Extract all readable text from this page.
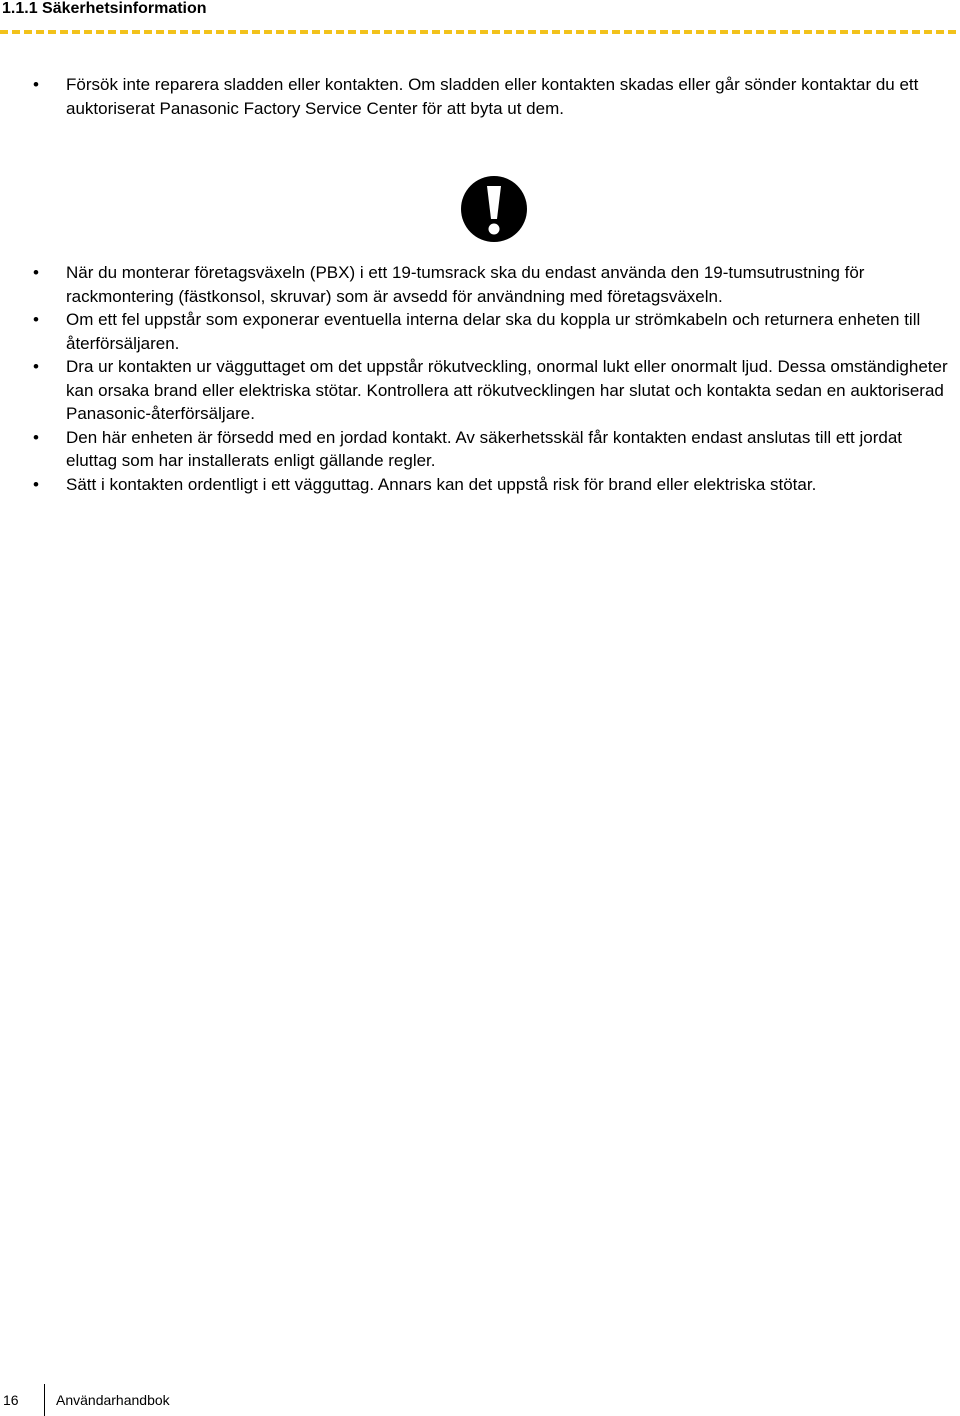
1.1.1 Säkerhetsinformation
• Försök inte reparera sladden eller kontakten. Om sladden eller kontakten skadas eller går sönder kontaktar du ett auktoriserat Panasonic Factory Service Center för att byta ut dem.
• När du monterar företagsväxeln (PBX) i ett 19-tumsrack ska du endast använda den 19-tumsutrustning för rackmontering (fästkonsol, skruvar) som är avsedd för användning med företagsväxeln.
• Om ett fel uppstår som exponerar eventuella interna delar ska du koppla ur strömkabeln och returnera enheten till återförsäljaren.
• Dra ur kontakten ur vägguttaget om det uppstår rökutveckling, onormal lukt eller onormalt ljud. Dessa omständigheter kan orsaka brand eller elektriska stötar. Kontrollera att rökutvecklingen har slutat och kontakta sedan en auktoriserad Panasonic-återförsäljare.
• Den här enheten är försedd med en jordad kontakt. Av säkerhetsskäl får kontakten endast anslutas till ett jordat eluttag som har installerats enligt gällande regler.
• Sätt i kontakten ordentligt i ett vägguttag. Annars kan det uppstå risk för brand eller elektriska stötar.
16	Användarhandbok
